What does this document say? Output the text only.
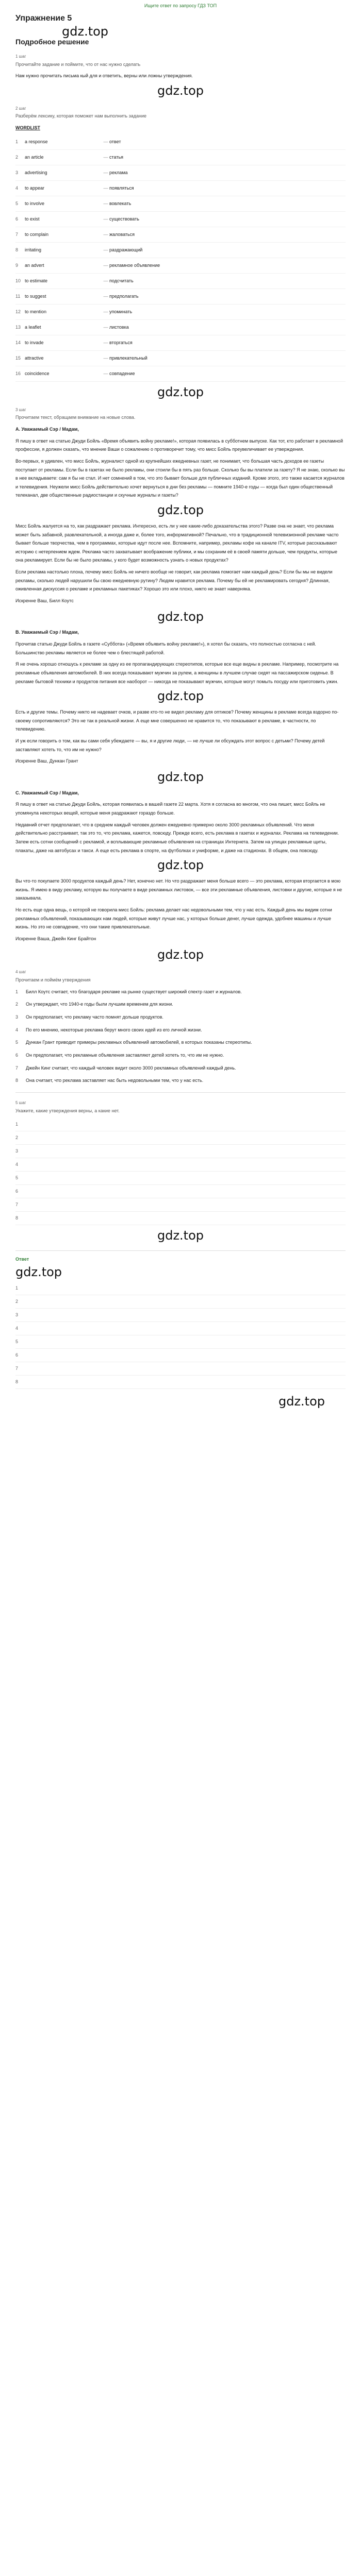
Ищите ответ по запросу ГДЗ ТОП
Упражнение 5
gdz.top
Подробное решение
1 шаг
Прочитайте задание и поймите, что от нас нужно сделать
Нам нужно прочитать письма кый для и ответить, верны или ложны утверждения.
gdz.top
2 шаг
Разберём лексику, которая поможет нам выполнить задание
WORDLIST
1	a response	— ответ
2	an article	— статья
3	advertising	— реклама
4	to appear	— появляться
5	to involve	— вовлекать
6	to exist	— существовать
7	to complain	— жаловаться
8	irritating	— раздражающий
9	an advert	— рекламное объявление
10 to estimate	— подсчитать
11 to suggest	— предполагать
12 to mention	— упоминать
13 a leaflet	— листовка
14 to invade	— вторгаться
15 attractive	— привлекательный
16 coincidence	— совпадение
gdz.top
3 шаг
Прочитаем текст, обращаем внимание на новые слова.
A. Уважаемый Сэр / Мадам,
Я пишу в ответ на статью Джуди Бойль «Время объявить войну рекламе!», которая появилась в субботнем выпуске. Как тот, кто работает в рекламной профессии, я должен сказать, что мнение Ваши о сожалению о противоречит тому, что мисс Бойль преувеличивает ее утверждения.
Во-первых, я удивлен, что мисс Бойль, журналист одной из крупнейших ежедневных газет, не понимает, что большая часть доходов ее газеты поступает от рекламы. Если бы в газетах не было рекламы, они стоили бы в пять раз больше. Сколько бы вы платили за газету? Я не знаю, сколько вы в нее вкладываете: сам я бы не стал. И нет сомнений в том, что это бывает больше для публичных изданий. Кроме этого, это также касается журналов и телевидения. Неужели мисс Бойль действительно хочет вернуться в дни без рекламы — помните 1940-е годы — когда был один общественный телеканал, две общественные радиостанции и скучные журналы и газеты?
gdz.top
Мисс Бойль жалуется на то, как раздражает реклама. Интересно, есть ли у нее какие-либо доказательства этого? Разве она не знает, что реклама может быть забавной, развлекательной, а иногда даже и, более того, информативной? Печально, что в традиционной телевизионной рекламе часто бывает больше творчества, чем в программах, которые идут после нее. Вспомните, например, рекламы кофе на канале ITV, которые рассказывают историю с нетерпением ждем. Реклама часто захватывает воображение публики, и мы сохраним её в своей памяти дольше, чем продукты, которые она рекламирует. Если бы не было рекламы, у кого будет возможность узнать о новых продуктах?
Если реклама настолько плоха, почему мисс Бойль не ничего вообще не говорит, как реклама помогает нам каждый день? Если бы мы не видели рекламы, сколько людей нарушили бы свою ежедневную рутину? Людям нравится реклама. Почему бы ей не рекламировать сегодня? Длинная, оживленная дискуссия о рекламе и рекламных пакетиках? Хорошо это или плохо, никто не знает наверняка.
Искренне Ваш, Билл Коутс
gdz.top
B. Уважаемый Сэр / Мадам,
Прочитав статью Джуди Бойль в газете «Суббота» («Время объявить войну рекламе!»), я хотел бы сказать, что полностью согласна с ней. Большинство рекламы является не более чем о блестящей работой.
Я не очень хорошо отношусь к рекламе за одну из ее пропагандирующих стереотипов, которые все еще видны в рекламе. Например, посмотрите на рекламные объявления автомобилей. В них всегда показывают мужчин за рулем, а женщины в лучшем случае сидят на пассажирском сиденье. В рекламе бытовой техники и продуктов питания все наоборот — никогда не показывают мужчин, которые могут помыть посуду или приготовить ужин.
gdz.top
Есть и другие темы. Почему никто не надевает очков, и разве кто-то не видел рекламу для оптиков? Почему женщины в рекламе всегда вздорно по-своему сопротивляются? Это не так в реальной жизни. А еще мне совершенно не нравится то, что показывают в рекламе, в частности, по телевидению.
И уж если говорить о том, как вы сами себя убеждаете — вы, я и другие люди, — не лучше ли обсуждать этот вопрос с детьми? Почему детей заставляют хотеть то, что им не нужно?
Искренне Ваш, Дункан Грант
gdz.top
C. Уважаемый Сэр / Мадам,
Я пишу в ответ на статью Джуди Бойль, которая появилась в вашей газете 22 марта. Хотя я согласна во многом, что она пишет, мисс Бойль не упомянула некоторых вещей, которые меня раздражают гораздо больше.
Недавний отчет предполагает, что в среднем каждый человек должен ежедневно примерно около 3000 рекламных объявлений. Что меня действительно расстраивает, так это то, что реклама, кажется, повсюду. Прежде всего, есть реклама в газетах и журналах. Реклама на телевидении. Затем есть сотни сообщений с рекламой, и всплывающие рекламные объявления на страницах Интернета. Затем на улицах рекламные щиты, плакаты, даже на автобусах и такси. А еще есть реклама в спорте, на футболках и униформе, и даже на стадионах. В общем, она повсюду.
gdz.top
Вы что-то покупаете 3000 продуктов каждый день? Нет, конечно нет. Но что раздражает меня больше всего — это реклама, которая вторгается в мою жизнь. Я имею в виду рекламу, которую вы получаете в виде рекламных листовок, — все эти рекламные объявления, листовки и другие, которые я не заказывала.
Но есть еще одна вещь, о которой не говорила мисс Бойль: реклама делает нас недовольными тем, что у нас есть. Каждый день мы видим сотни рекламных объявлений, показывающих нам людей, которые живут лучше нас, у которых больше денег, лучше одежда, удобнее машины и лучше жизнь. Но это не совпадение, что они такие привлекательные.
Искренне Ваша, Джейн Кинг Брайтон
gdz.top
4 шаг
Прочитаем и поймём утверждения
1	Билл Коутс считает, что благодаря рекламе на рынке существует широкий спектр газет и журналов.
2	Он утверждает, что 1940-е годы были лучшим временем для жизни.
3	Он предполагает, что рекламу часто помнят дольше продуктов.
4	По его мнению, некоторые реклама берут много своих идей из его личной жизни.
5	Дункан Грант приводит примеры рекламных объявлений автомобилей, в которых показаны стереотипы.
6	Он предполагает, что рекламные объявления заставляют детей хотеть то, что им не нужно.
7	Джейн Кинг считает, что каждый человек видит около 3000 рекламных объявлений каждый день.
8	Она считает, что реклама заставляет нас быть недовольными тем, что у нас есть.
5 шаг
Укажите, какие утверждения верны, а какие нет.
1
2
3
4
5
6
7
8
gdz.top
Ответ
gdz.top
1
2
3
4
5
6
7
8
gdz.top
